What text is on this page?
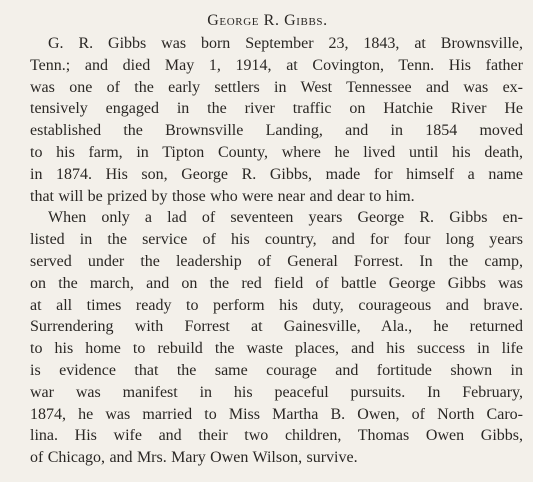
George R. Gibbs.
G. R. Gibbs was born September 23, 1843, at Brownsville,
Tenn.; and died May 1, 1914, at Covington, Tenn. His father
was one of the early settlers in West Tennessee and was ex-
tensively engaged in the river traffic on Hatchie River He
established the Brownsville Landing, and in 1854 moved
to his farm, in Tipton County, where he lived until his death,
in 1874. His son, George R. Gibbs, made for himself a name
that will be prized by those who were near and dear to him.
When only a lad of seventeen years George R. Gibbs en-
listed in the service of his country, and for four long years
served under the leadership of General Forrest. In the camp,
on the march, and on the red field of battle George Gibbs was
at all times ready to perform his duty, courageous and brave.
Surrendering with Forrest at Gainesville, Ala., he returned
to his home to rebuild the waste places, and his success in life
is evidence that the same courage and fortitude shown in
war was manifest in his peaceful pursuits. In February,
1874, he was married to Miss Martha B. Owen, of North Caro-
lina. His wife and their two children, Thomas Owen Gibbs,
of Chicago, and Mrs. Mary Owen Wilson, survive.
